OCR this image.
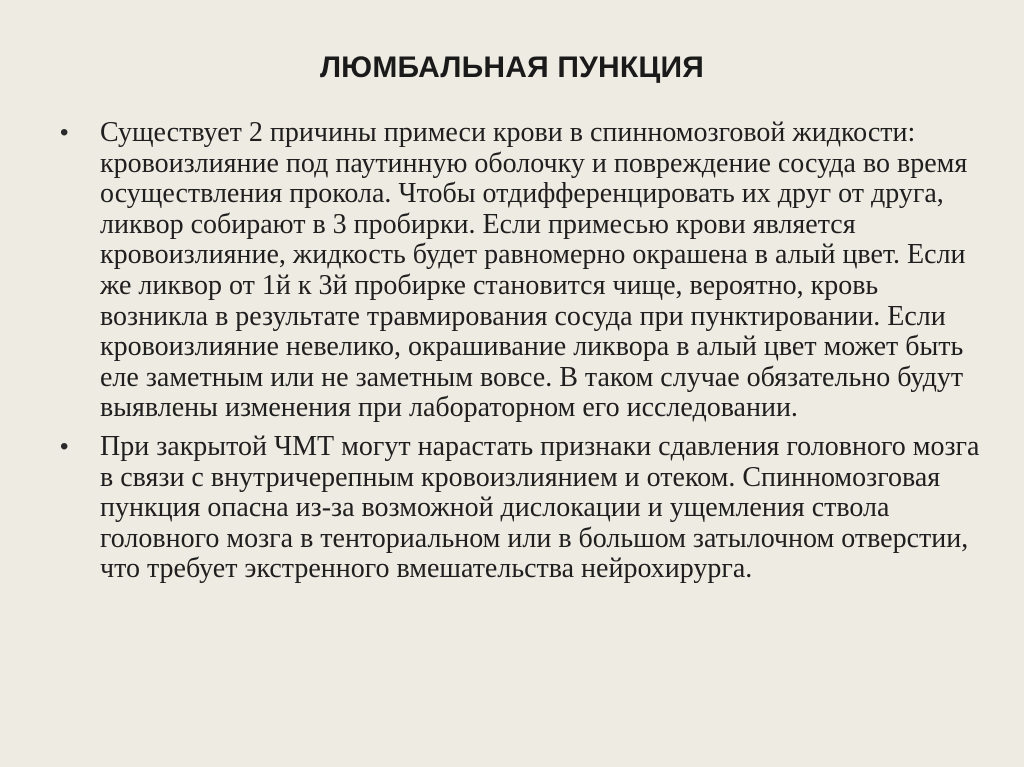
ЛЮМБАЛЬНАЯ ПУНКЦИЯ
• Существует 2 причины примеси крови в спинномозговой жидкости: кровоизлияние под паутинную оболочку и повреждение сосуда во время осуществления прокола. Чтобы отдифференцировать их друг от друга, ликвор собирают в 3 пробирки. Если примесью крови является кровоизлияние, жидкость будет равномерно окрашена в алый цвет. Если же ликвор от 1й к 3й пробирке становится чище, вероятно, кровь возникла в результате травмирования сосуда при пунктировании. Если кровоизлияние невелико, окрашивание ликвора в алый цвет может быть еле заметным или не заметным вовсе. В таком случае обязательно будут выявлены изменения при лабораторном его исследовании.
• При закрытой ЧМТ могут нарастать признаки сдавления головного мозга в связи с внутричерепным кровоизлиянием и отеком. Спинномозговая пункция опасна из-за возможной дислокации и ущемления ствола головного мозга в тенториальном или в большом затылочном отверстии, что требует экстренного вмешательства нейрохирурга.
